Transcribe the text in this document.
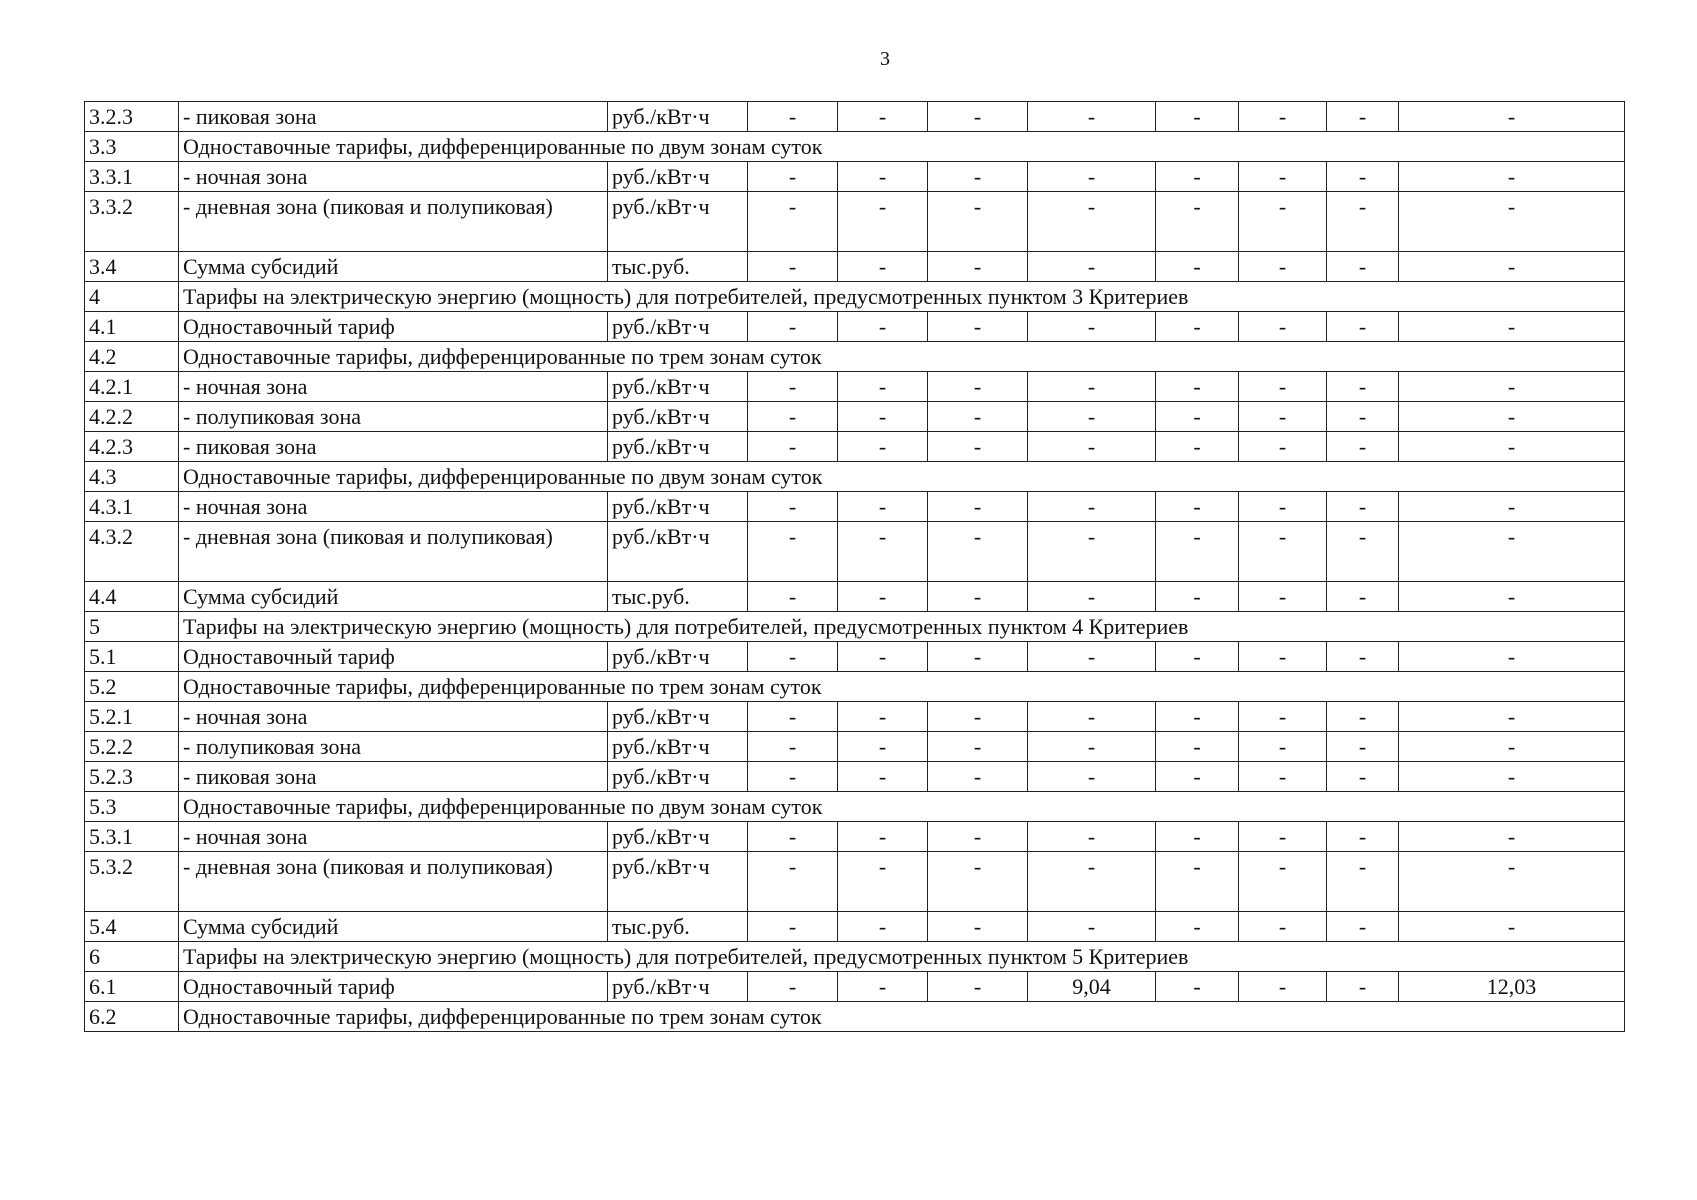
3
3.2.3	- пиковая зона	руб./кВт·ч	-	-	-	-	-	-	-	-
3.3	Одноставочные тарифы, дифференцированные по двум зонам суток									
3.3.1	- ночная зона	руб./кВт·ч	-	-	-	-	-	-	-	-
3.3.2	- дневная зона (пиковая и полупиковая)	руб./кВт·ч	-	-	-	-	-	-	-	-
3.4	Сумма субсидий	тыс.руб.	-	-	-	-	-	-	-	-
4	Тарифы на электрическую энергию (мощность) для потребителей, предусмотренных пунктом 3 Критериев									
4.1	Одноставочный тариф	руб./кВт·ч	-	-	-	-	-	-	-	-
4.2	Одноставочные тарифы, дифференцированные по трем зонам суток									
4.2.1	- ночная зона	руб./кВт·ч	-	-	-	-	-	-	-	-
4.2.2	- полупиковая зона	руб./кВт·ч	-	-	-	-	-	-	-	-
4.2.3	- пиковая зона	руб./кВт·ч	-	-	-	-	-	-	-	-
4.3	Одноставочные тарифы, дифференцированные по двум зонам суток									
4.3.1	- ночная зона	руб./кВт·ч	-	-	-	-	-	-	-	-
4.3.2	- дневная зона (пиковая и полупиковая)	руб./кВт·ч	-	-	-	-	-	-	-	-
4.4	Сумма субсидий	тыс.руб.	-	-	-	-	-	-	-	-
5	Тарифы на электрическую энергию (мощность) для потребителей, предусмотренных пунктом 4 Критериев									
5.1	Одноставочный тариф	руб./кВт·ч	-	-	-	-	-	-	-	-
5.2	Одноставочные тарифы, дифференцированные по трем зонам суток									
5.2.1	- ночная зона	руб./кВт·ч	-	-	-	-	-	-	-	-
5.2.2	- полупиковая зона	руб./кВт·ч	-	-	-	-	-	-	-	-
5.2.3	- пиковая зона	руб./кВт·ч	-	-	-	-	-	-	-	-
5.3	Одноставочные тарифы, дифференцированные по двум зонам суток									
5.3.1	- ночная зона	руб./кВт·ч	-	-	-	-	-	-	-	-
5.3.2	- дневная зона (пиковая и полупиковая)	руб./кВт·ч	-	-	-	-	-	-	-	-
5.4	Сумма субсидий	тыс.руб.	-	-	-	-	-	-	-	-
6	Тарифы на электрическую энергию (мощность) для потребителей, предусмотренных пунктом 5 Критериев									
6.1	Одноставочный тариф	руб./кВт·ч	-	-	-	9,04	-	-	-	12,03
6.2	Одноставочные тарифы, дифференцированные по трем зонам суток									
